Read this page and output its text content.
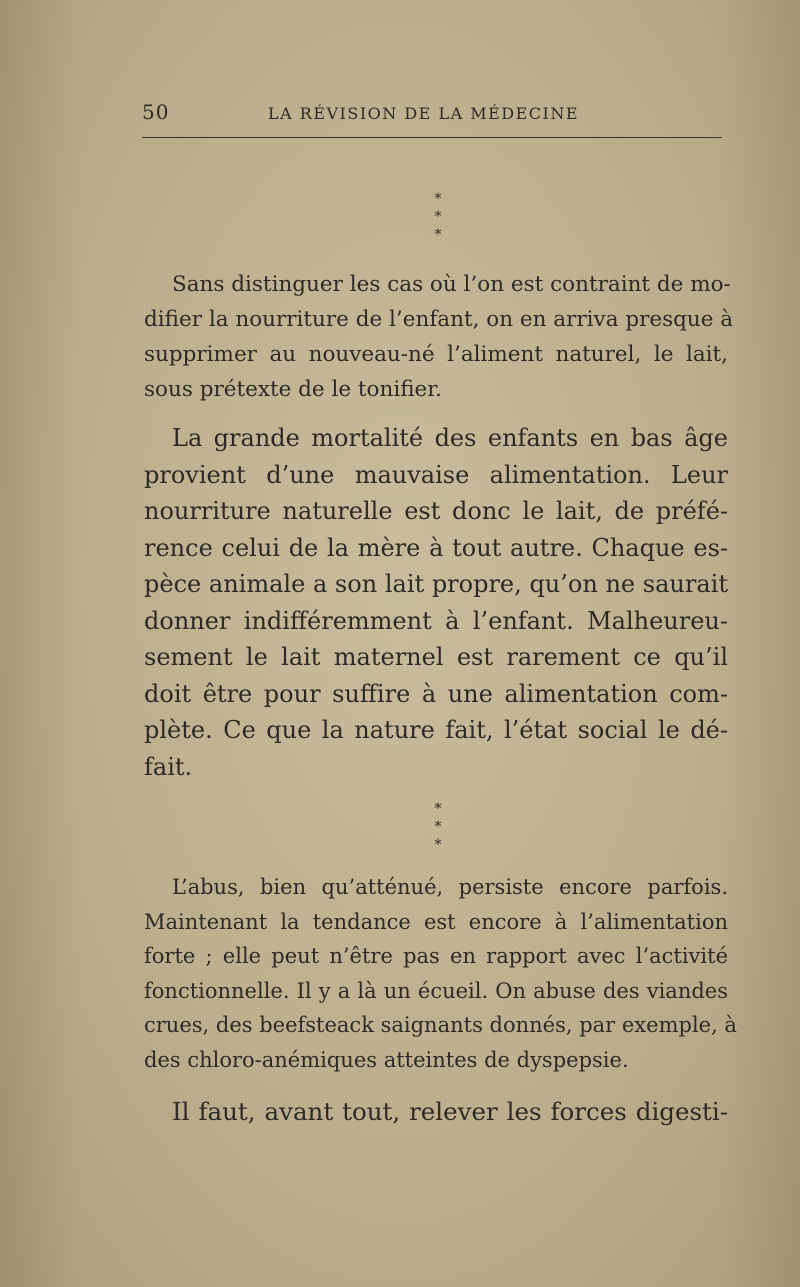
50	LA RÉVISION DE LA MÉDECINE
*
* *

Sans distinguer les cas où l’on est contraint de mo-
difier la nourriture de l’enfant, on en arriva presque à
supprimer au nouveau-né l’aliment naturel, le lait,
sous prétexte de le tonifier.

La grande mortalité des enfants en bas âge
provient d’une mauvaise alimentation. Leur
nourriture naturelle est donc le lait, de préfé-
rence celui de la mère à tout autre. Chaque es-
pèce animale a son lait propre, qu’on ne saurait
donner indifféremment à l’enfant. Malheureu-
sement le lait maternel est rarement ce qu’il
doit être pour suffire à une alimentation com-
plète. Ce que la nature fait, l’état social le dé-
fait.

*
* *

L’abus, bien qu’atténué, persiste encore parfois.
Maintenant la tendance est encore à l’alimentation
forte ; elle peut n’être pas en rapport avec l’activité
fonctionnelle. Il y a là un écueil. On abuse des viandes
crues, des beefsteack saignants donnés, par exemple, à
des chloro-anémiques atteintes de dyspepsie.

Il faut, avant tout, relever les forces digesti-
